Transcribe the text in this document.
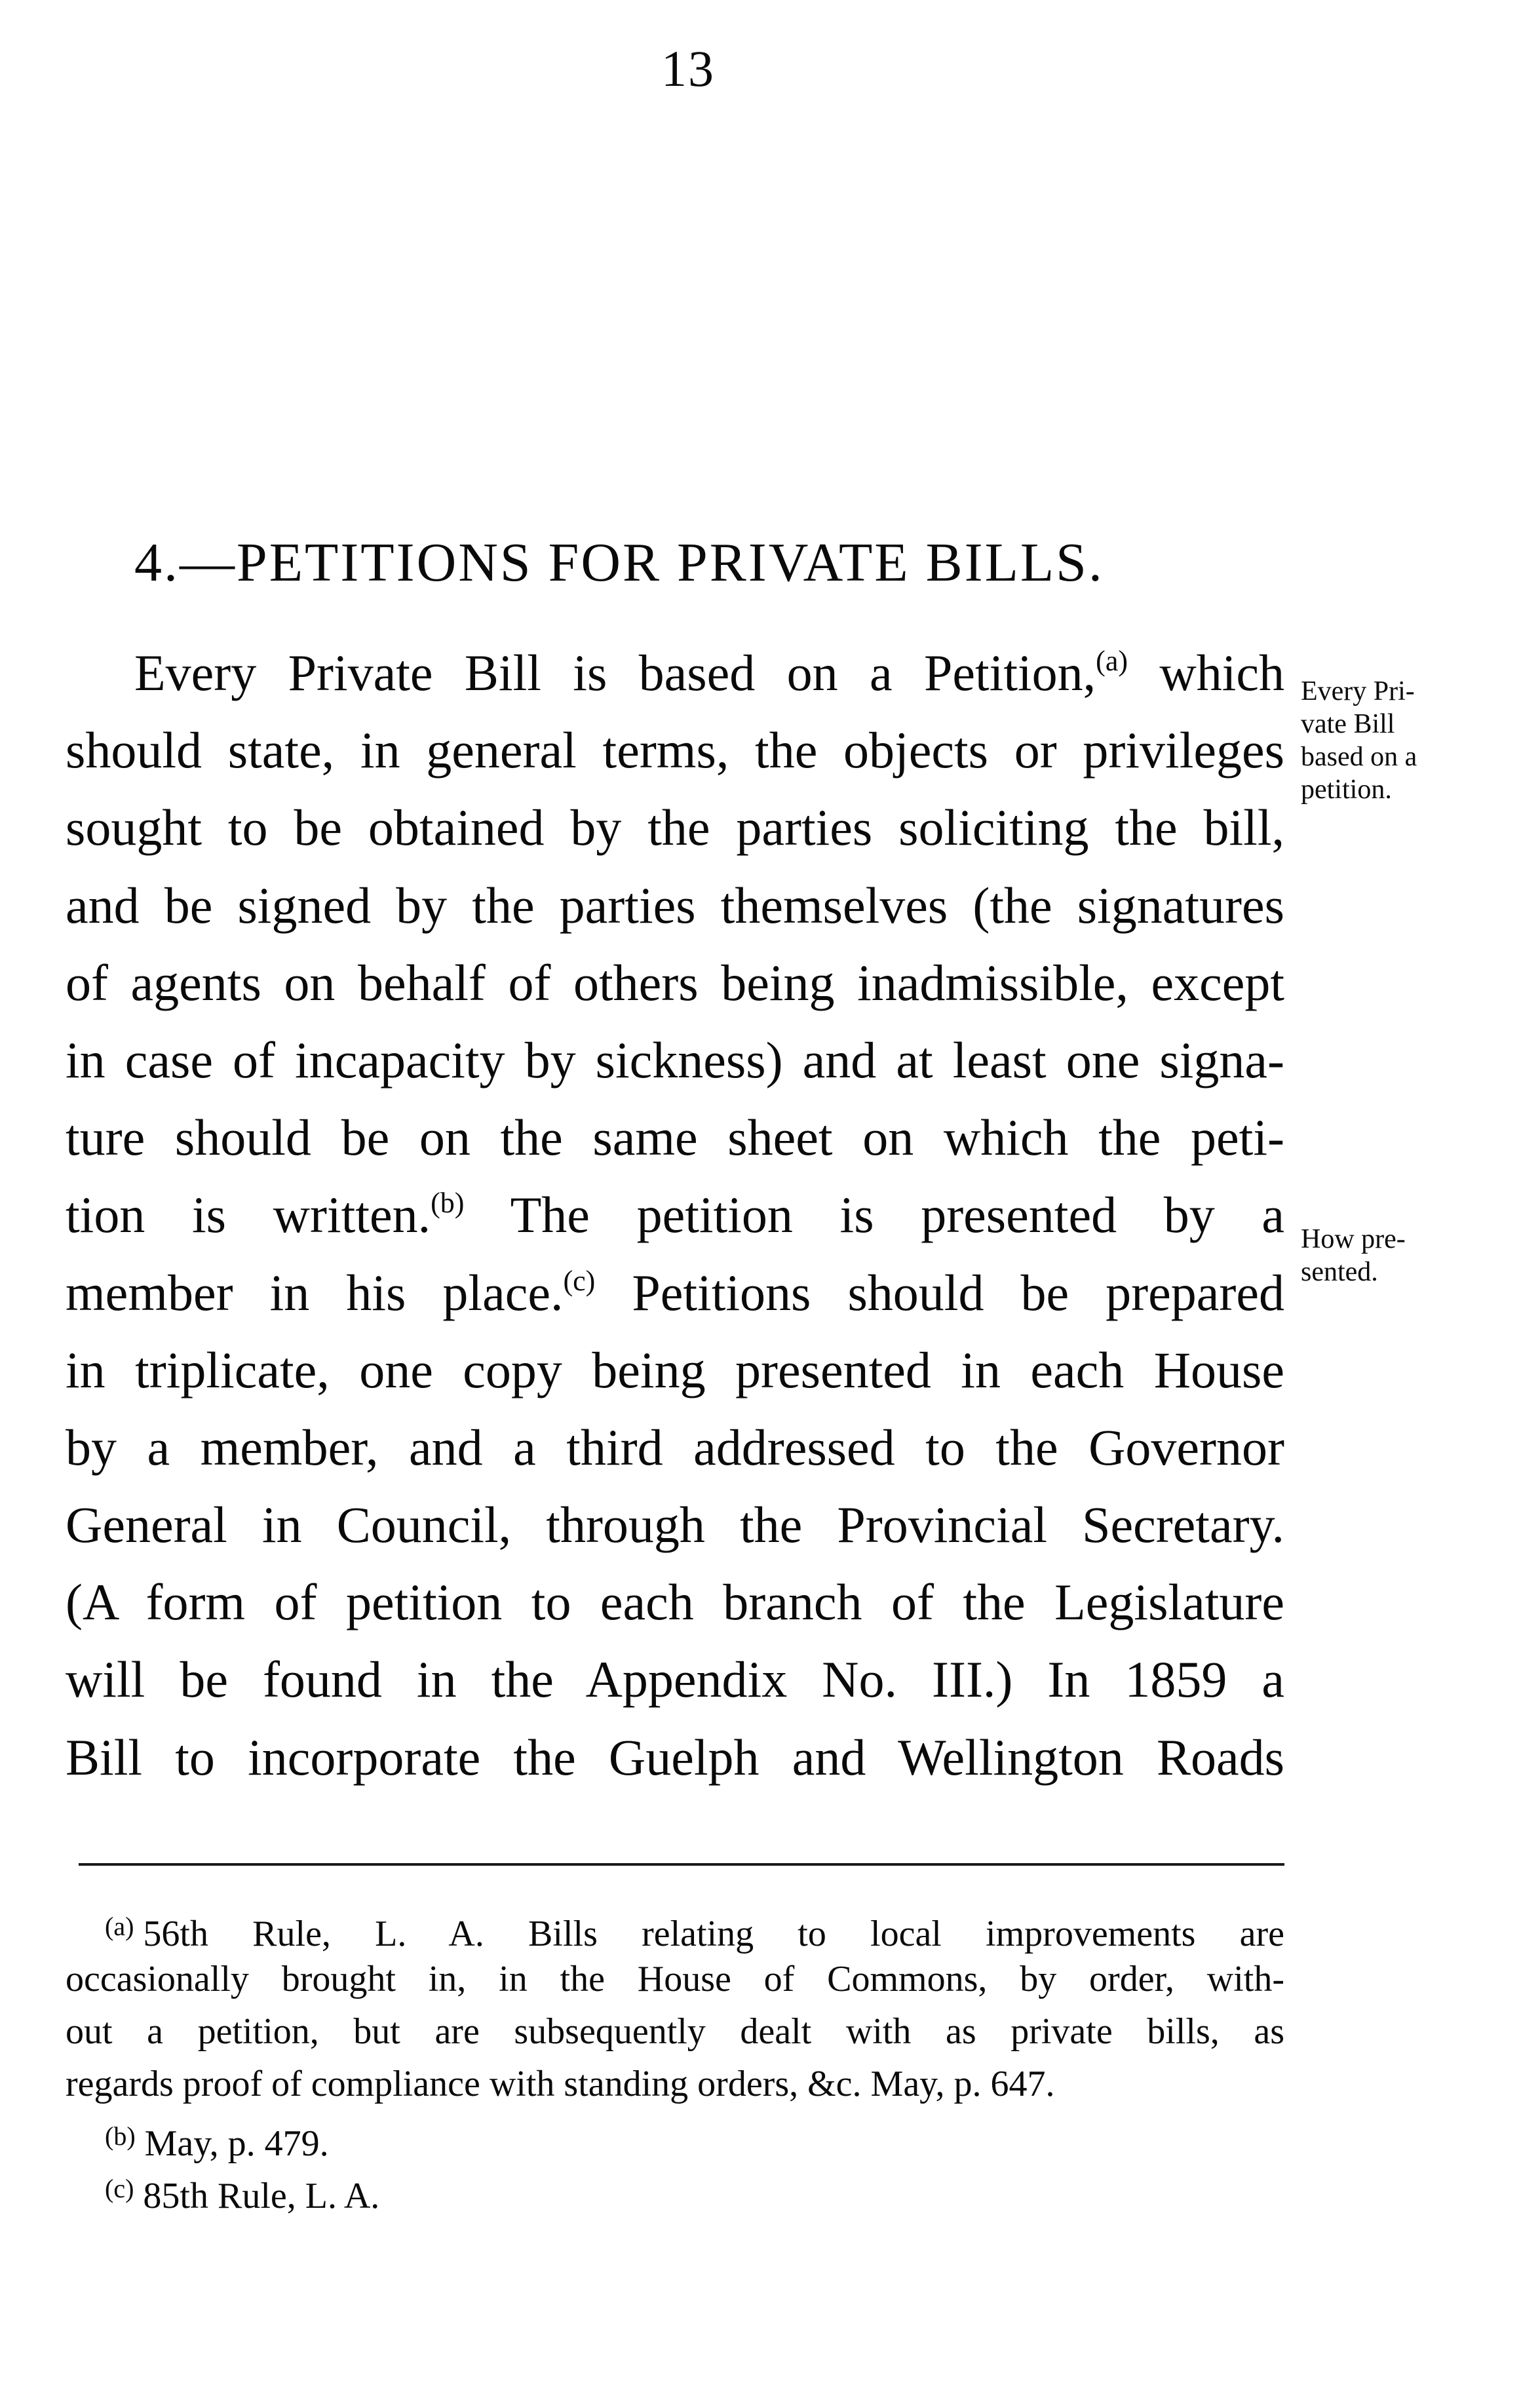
13
4.—PETITIONS FOR PRIVATE BILLS.
Every Private Bill is based on a Petition,$^{(a)}$ which
should state, in general terms, the objects or privileges
sought to be obtained by the parties soliciting the bill,
and be signed by the parties themselves (the signatures
of agents on behalf of others being inadmissible, except
in case of incapacity by sickness) and at least one signa-
ture should be on the same sheet on which the peti-
tion is written.$^{(b)}$ The petition is presented by a
member in his place.$^{(c)}$ Petitions should be prepared
in triplicate, one copy being presented in each House
by a member, and a third addressed to the Governor
General in Council, through the Provincial Secretary.
(A form of petition to each branch of the Legislature
will be found in the Appendix No. III.) In 1859 a
Bill to incorporate the Guelph and Wellington Roads
Every Pri-
vate Bill
based on a
petition.
How pre-
sented.
$^{(a)}$ 56th Rule, L. A. Bills relating to local improvements are
occasionally brought in, in the House of Commons, by order, with-
out a petition, but are subsequently dealt with as private bills, as
regards proof of compliance with standing orders, &c. May, p. 647.
$^{(b)}$ May, p. 479.
$^{(c)}$ 85th Rule, L. A.
